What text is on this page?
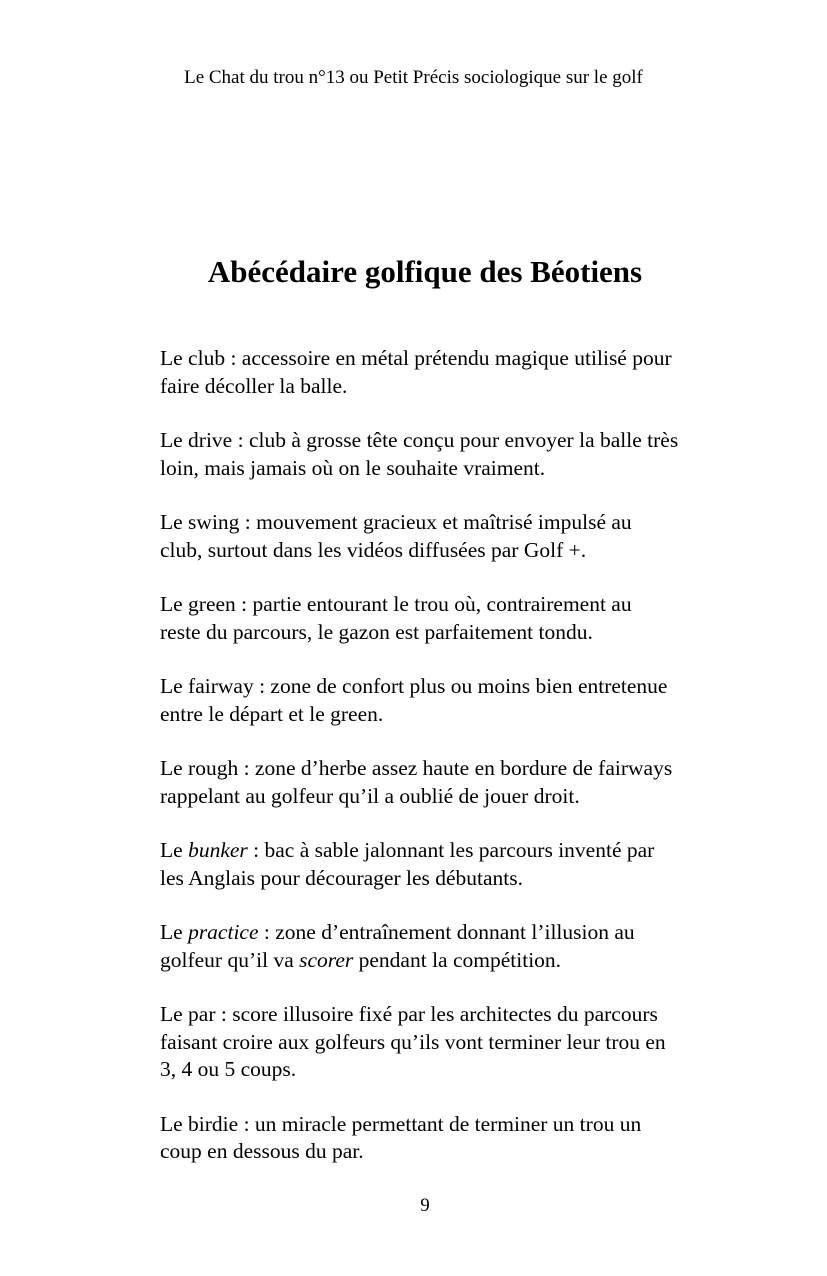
Le Chat du trou n°13 ou Petit Précis sociologique sur le golf
Abécédaire golfique des Béotiens

Le club : accessoire en métal prétendu magique utilisé pour
faire décoller la balle.

Le drive : club à grosse tête conçu pour envoyer la balle très
loin, mais jamais où on le souhaite vraiment.

Le swing : mouvement gracieux et maîtrisé impulsé au
club, surtout dans les vidéos diffusées par Golf +.

Le green : partie entourant le trou où, contrairement au
reste du parcours, le gazon est parfaitement tondu.

Le fairway : zone de confort plus ou moins bien entretenue
entre le départ et le green.

Le rough : zone d’herbe assez haute en bordure de fairways
rappelant au golfeur qu’il a oublié de jouer droit.

Le bunker : bac à sable jalonnant les parcours inventé par
les Anglais pour décourager les débutants.

Le practice : zone d’entraînement donnant l’illusion au
golfeur qu’il va scorer pendant la compétition.

Le par : score illusoire fixé par les architectes du parcours
faisant croire aux golfeurs qu’ils vont terminer leur trou en
3, 4 ou 5 coups.

Le birdie : un miracle permettant de terminer un trou un
coup en dessous du par.

9
